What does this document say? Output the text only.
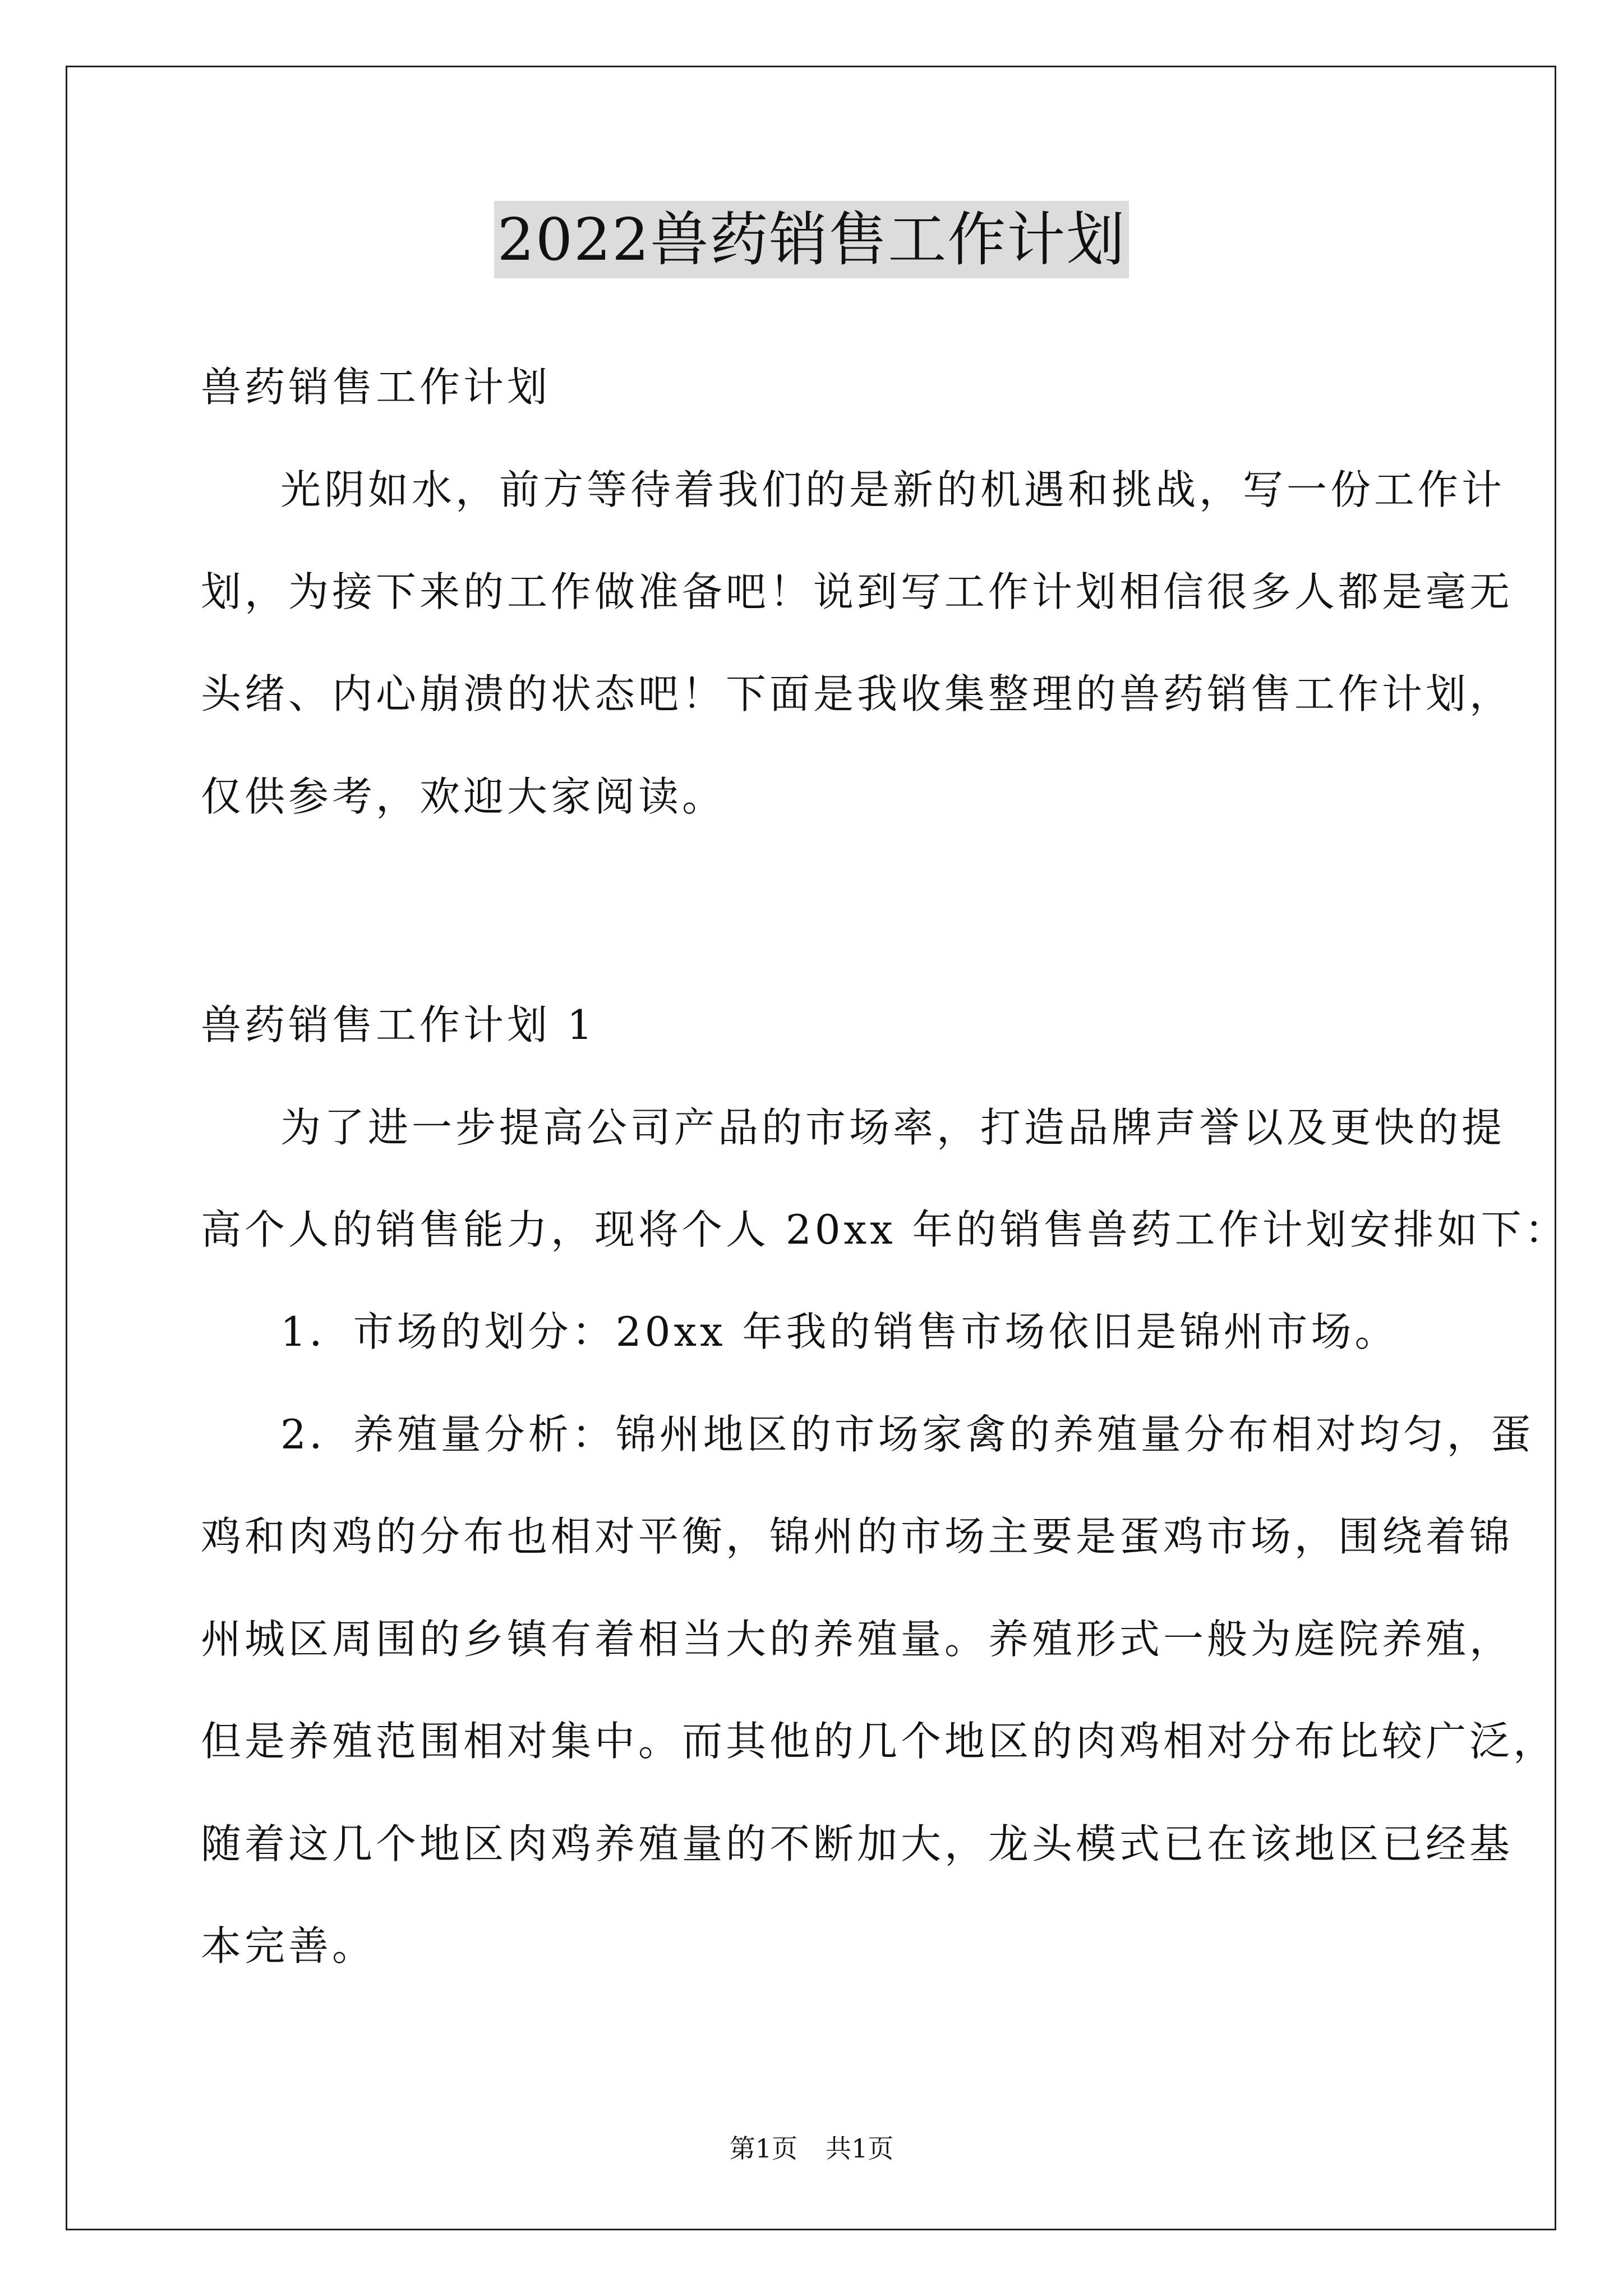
2022兽药销售工作计划
兽药销售工作计划
光阴如水，前方等待着我们的是新的机遇和挑战，写一份工作计
划，为接下来的工作做准备吧！说到写工作计划相信很多人都是毫无
头绪、内心崩溃的状态吧！下面是我收集整理的兽药销售工作计划，
仅供参考，欢迎大家阅读。
兽药销售工作计划 1
为了进一步提高公司产品的市场率，打造品牌声誉以及更快的提
高个人的销售能力，现将个人 20xx 年的销售兽药工作计划安排如下：
1．市场的划分：20xx 年我的销售市场依旧是锦州市场。
2．养殖量分析：锦州地区的市场家禽的养殖量分布相对均匀，蛋
鸡和肉鸡的分布也相对平衡，锦州的市场主要是蛋鸡市场，围绕着锦
州城区周围的乡镇有着相当大的养殖量。养殖形式一般为庭院养殖，
但是养殖范围相对集中。而其他的几个地区的肉鸡相对分布比较广泛，
随着这几个地区肉鸡养殖量的不断加大，龙头模式已在该地区已经基
本完善。
第1页 共1页
